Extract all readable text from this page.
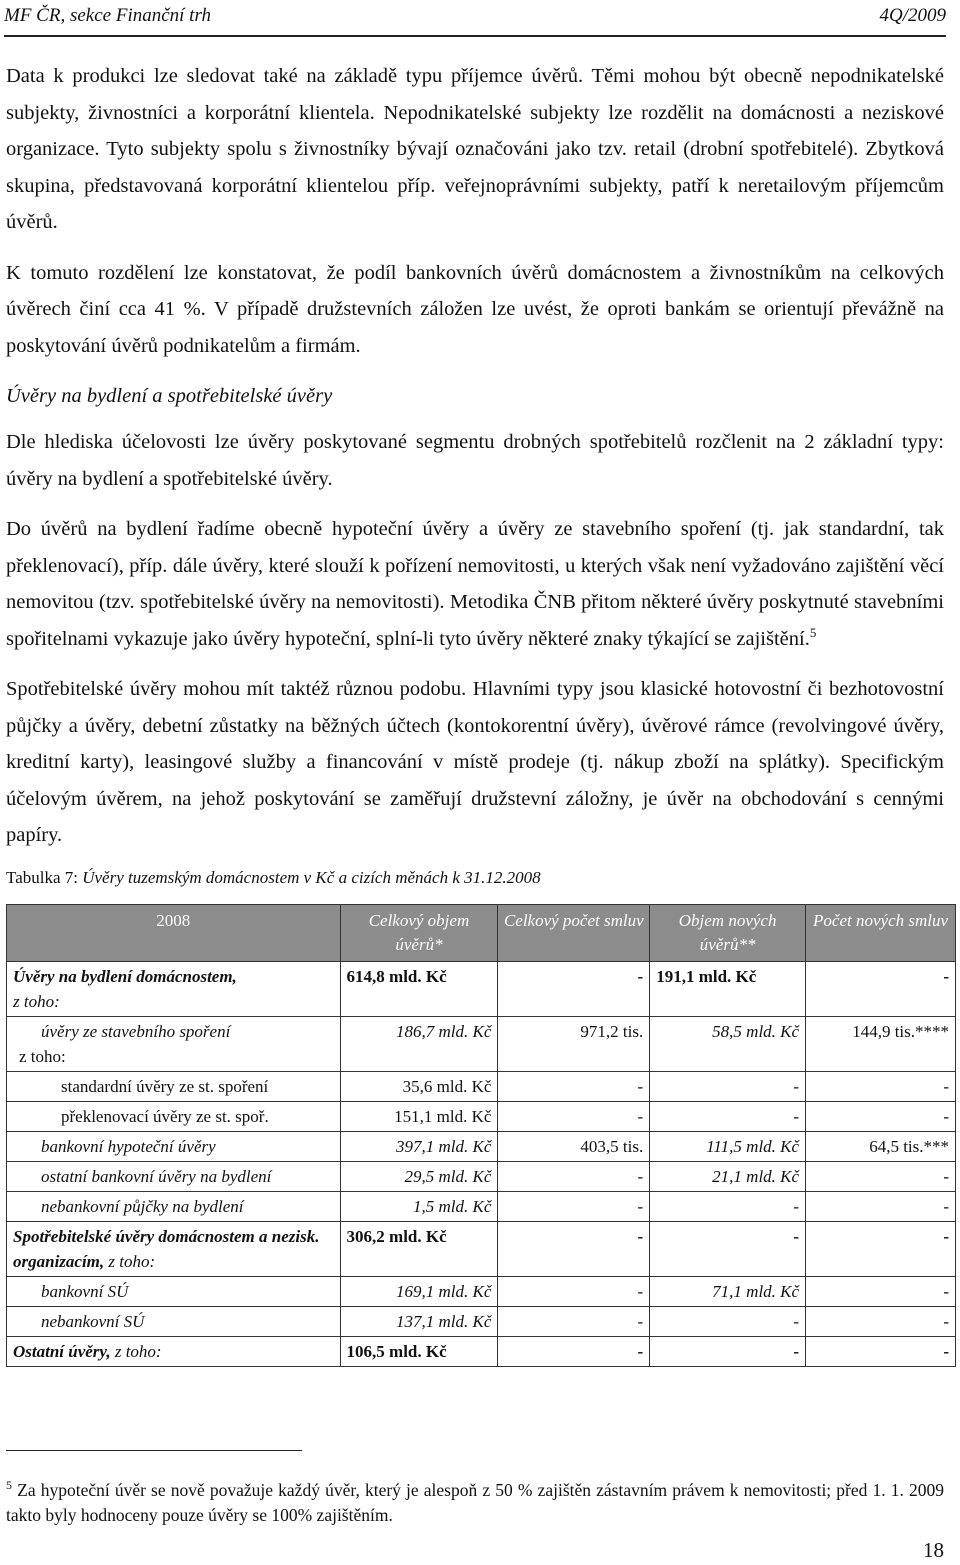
MF ČR, sekce Finanční trh	4Q/2009

Data k produkci lze sledovat také na základě typu příjemce úvěrů. Těmi mohou být obecně nepodnikatelské subjekty, živnostníci a korporátní klientela. Nepodnikatelské subjekty lze rozdělit na domácnosti a neziskové organizace. Tyto subjekty spolu s živnostníky bývají označováni jako tzv. retail (drobní spotřebitelé). Zbytková skupina, představovaná korporátní klientelou příp. veřejnoprávními subjekty, patří k neretailovým příjemcům úvěrů.

K tomuto rozdělení lze konstatovat, že podíl bankovních úvěrů domácnostem a živnostníkům na celkových úvěrech činí cca 41 %. V případě družstevních záložen lze uvést, že oproti bankám se orientují převážně na poskytování úvěrů podnikatelům a firmám.

Úvěry na bydlení a spotřebitelské úvěry

Dle hlediska účelovosti lze úvěry poskytované segmentu drobných spotřebitelů rozčlenit na 2 základní typy: úvěry na bydlení a spotřebitelské úvěry.

Do úvěrů na bydlení řadíme obecně hypoteční úvěry a úvěry ze stavebního spoření (tj. jak standardní, tak překlenovací), příp. dále úvěry, které slouží k pořízení nemovitosti, u kterých však není vyžadováno zajištění věcí nemovitou (tzv. spotřebitelské úvěry na nemovitosti). Metodika ČNB přitom některé úvěry poskytnuté stavebními spořitelnami vykazuje jako úvěry hypoteční, splní-li tyto úvěry některé znaky týkající se zajištění.$^5$

Spotřebitelské úvěry mohou mít taktéž různou podobu. Hlavními typy jsou klasické hotovostní či bezhotovostní půjčky a úvěry, debetní zůstatky na běžných účtech (kontokorentní úvěry), úvěrové rámce (revolvingové úvěry, kreditní karty), leasingové služby a financování v místě prodeje (tj. nákup zboží na splátky). Specifickým účelovým úvěrem, na jehož poskytování se zaměřují družstevní záložny, je úvěr na obchodování s cennými papíry.

Tabulka 7: Úvěry tuzemským domácnostem v Kč a cizích měnách k 31.12.2008
2008	Celkový objem úvěrů*	Celkový počet smluv	Objem nových úvěrů**	Počet nových smluv
Úvěry na bydlení domácnostem,
z toho:	614,8 mld. Kč	-	191,1 mld. Kč	-
úvěry ze stavebního spoření
z toho:	186,7 mld. Kč	971,2 tis.	58,5 mld. Kč	144,9 tis.****
standardní úvěry ze st. spoření	35,6 mld. Kč	-	-	-
překlenovací úvěry ze st. spoř.	151,1 mld. Kč	-	-	-
bankovní hypoteční úvěry	397,1 mld. Kč	403,5 tis.	111,5 mld. Kč	64,5 tis.***
ostatní bankovní úvěry na bydlení	29,5 mld. Kč	-	21,1 mld. Kč	-
nebankovní půjčky na bydlení	1,5 mld. Kč	-	-	-
Spotřebitelské úvěry domácnostem a nezisk. organizacím, z toho:	306,2 mld. Kč	-	-	-
bankovní SÚ	169,1 mld. Kč	-	71,1 mld. Kč	-
nebankovní SÚ	137,1 mld. Kč	-	-	-
Ostatní úvěry, z toho:	106,5 mld. Kč	-	-	-
$^5$ Za hypoteční úvěr se nově považuje každý úvěr, který je alespoň z 50 % zajištěn zástavním právem k nemovitosti; před 1. 1. 2009 takto byly hodnoceny pouze úvěry se 100% zajištěním.
18
